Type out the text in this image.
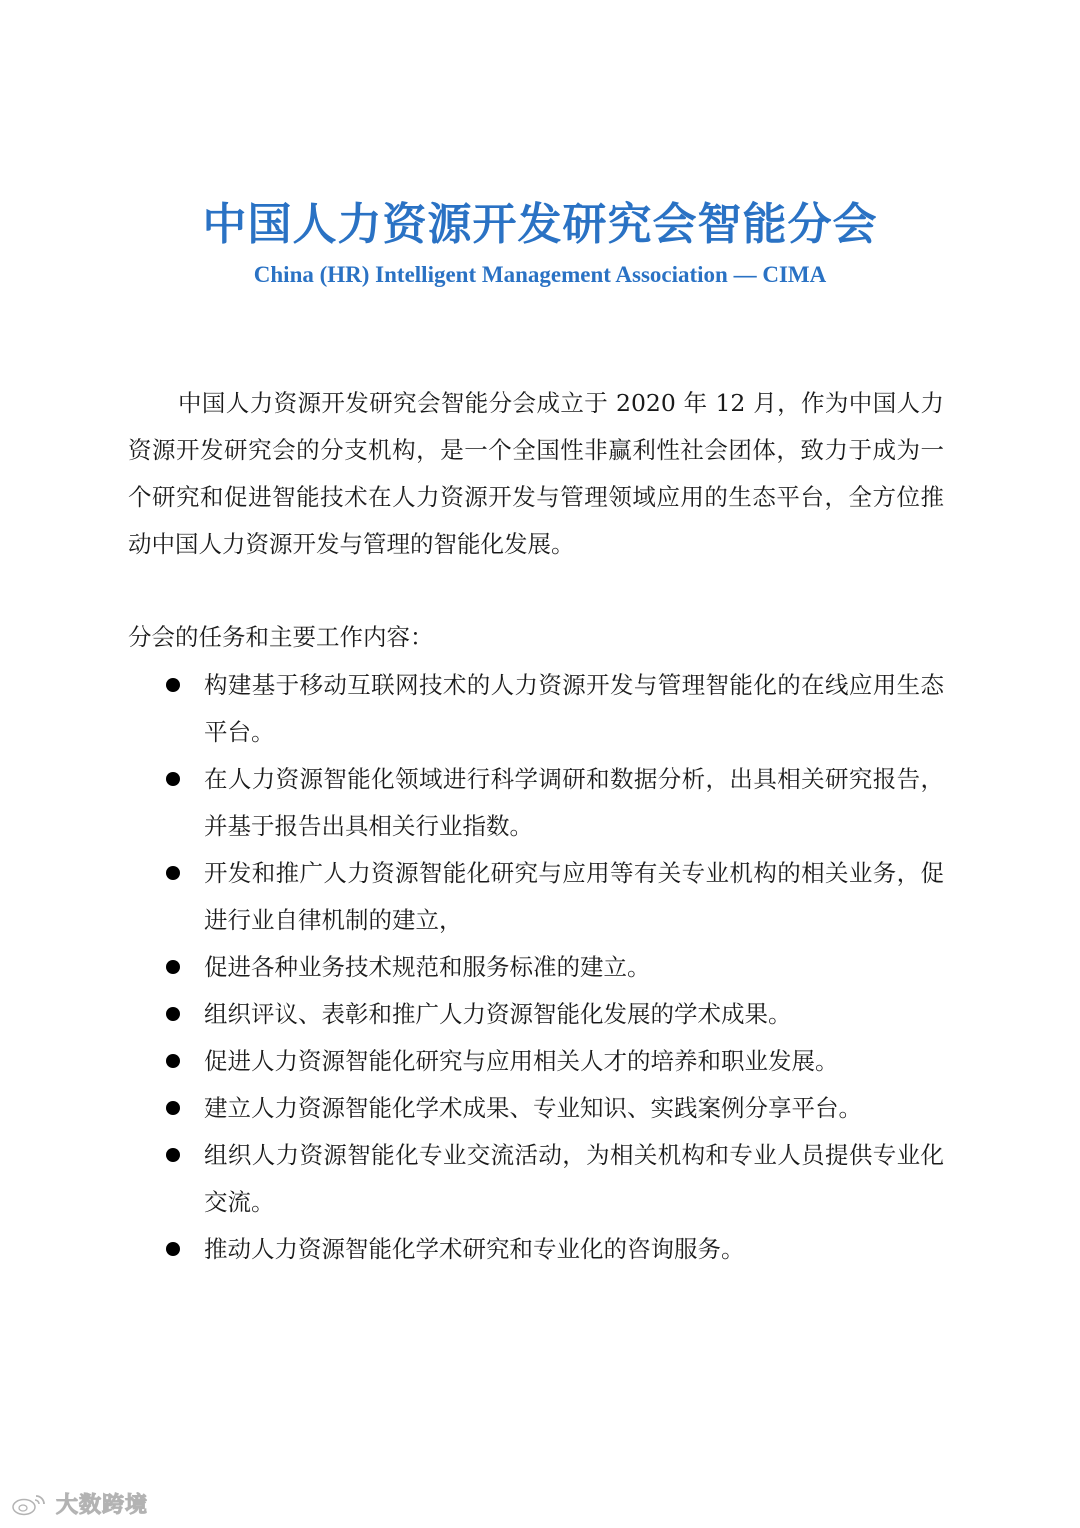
中国人力资源开发研究会智能分会
China (HR) Intelligent Management Association — CIMA

中国人力资源开发研究会智能分会成立于 2020 年 12 月，作为中国人力资源开发研究会的分支机构，是一个全国性非赢利性社会团体，致力于成为一个研究和促进智能技术在人力资源开发与管理领域应用的生态平台，全方位推动中国人力资源开发与管理的智能化发展。

分会的任务和主要工作内容：

构建基于移动互联网技术的人力资源开发与管理智能化的在线应用生态平台。
在人力资源智能化领域进行科学调研和数据分析，出具相关研究报告，并基于报告出具相关行业指数。
开发和推广人力资源智能化研究与应用等有关专业机构的相关业务，促进行业自律机制的建立，
促进各种业务技术规范和服务标准的建立。
组织评议、表彰和推广人力资源智能化发展的学术成果。
促进人力资源智能化研究与应用相关人才的培养和职业发展。
建立人力资源智能化学术成果、专业知识、实践案例分享平台。
组织人力资源智能化专业交流活动，为相关机构和专业人员提供专业化交流。
推动人力资源智能化学术研究和专业化的咨询服务。
大数跨境
